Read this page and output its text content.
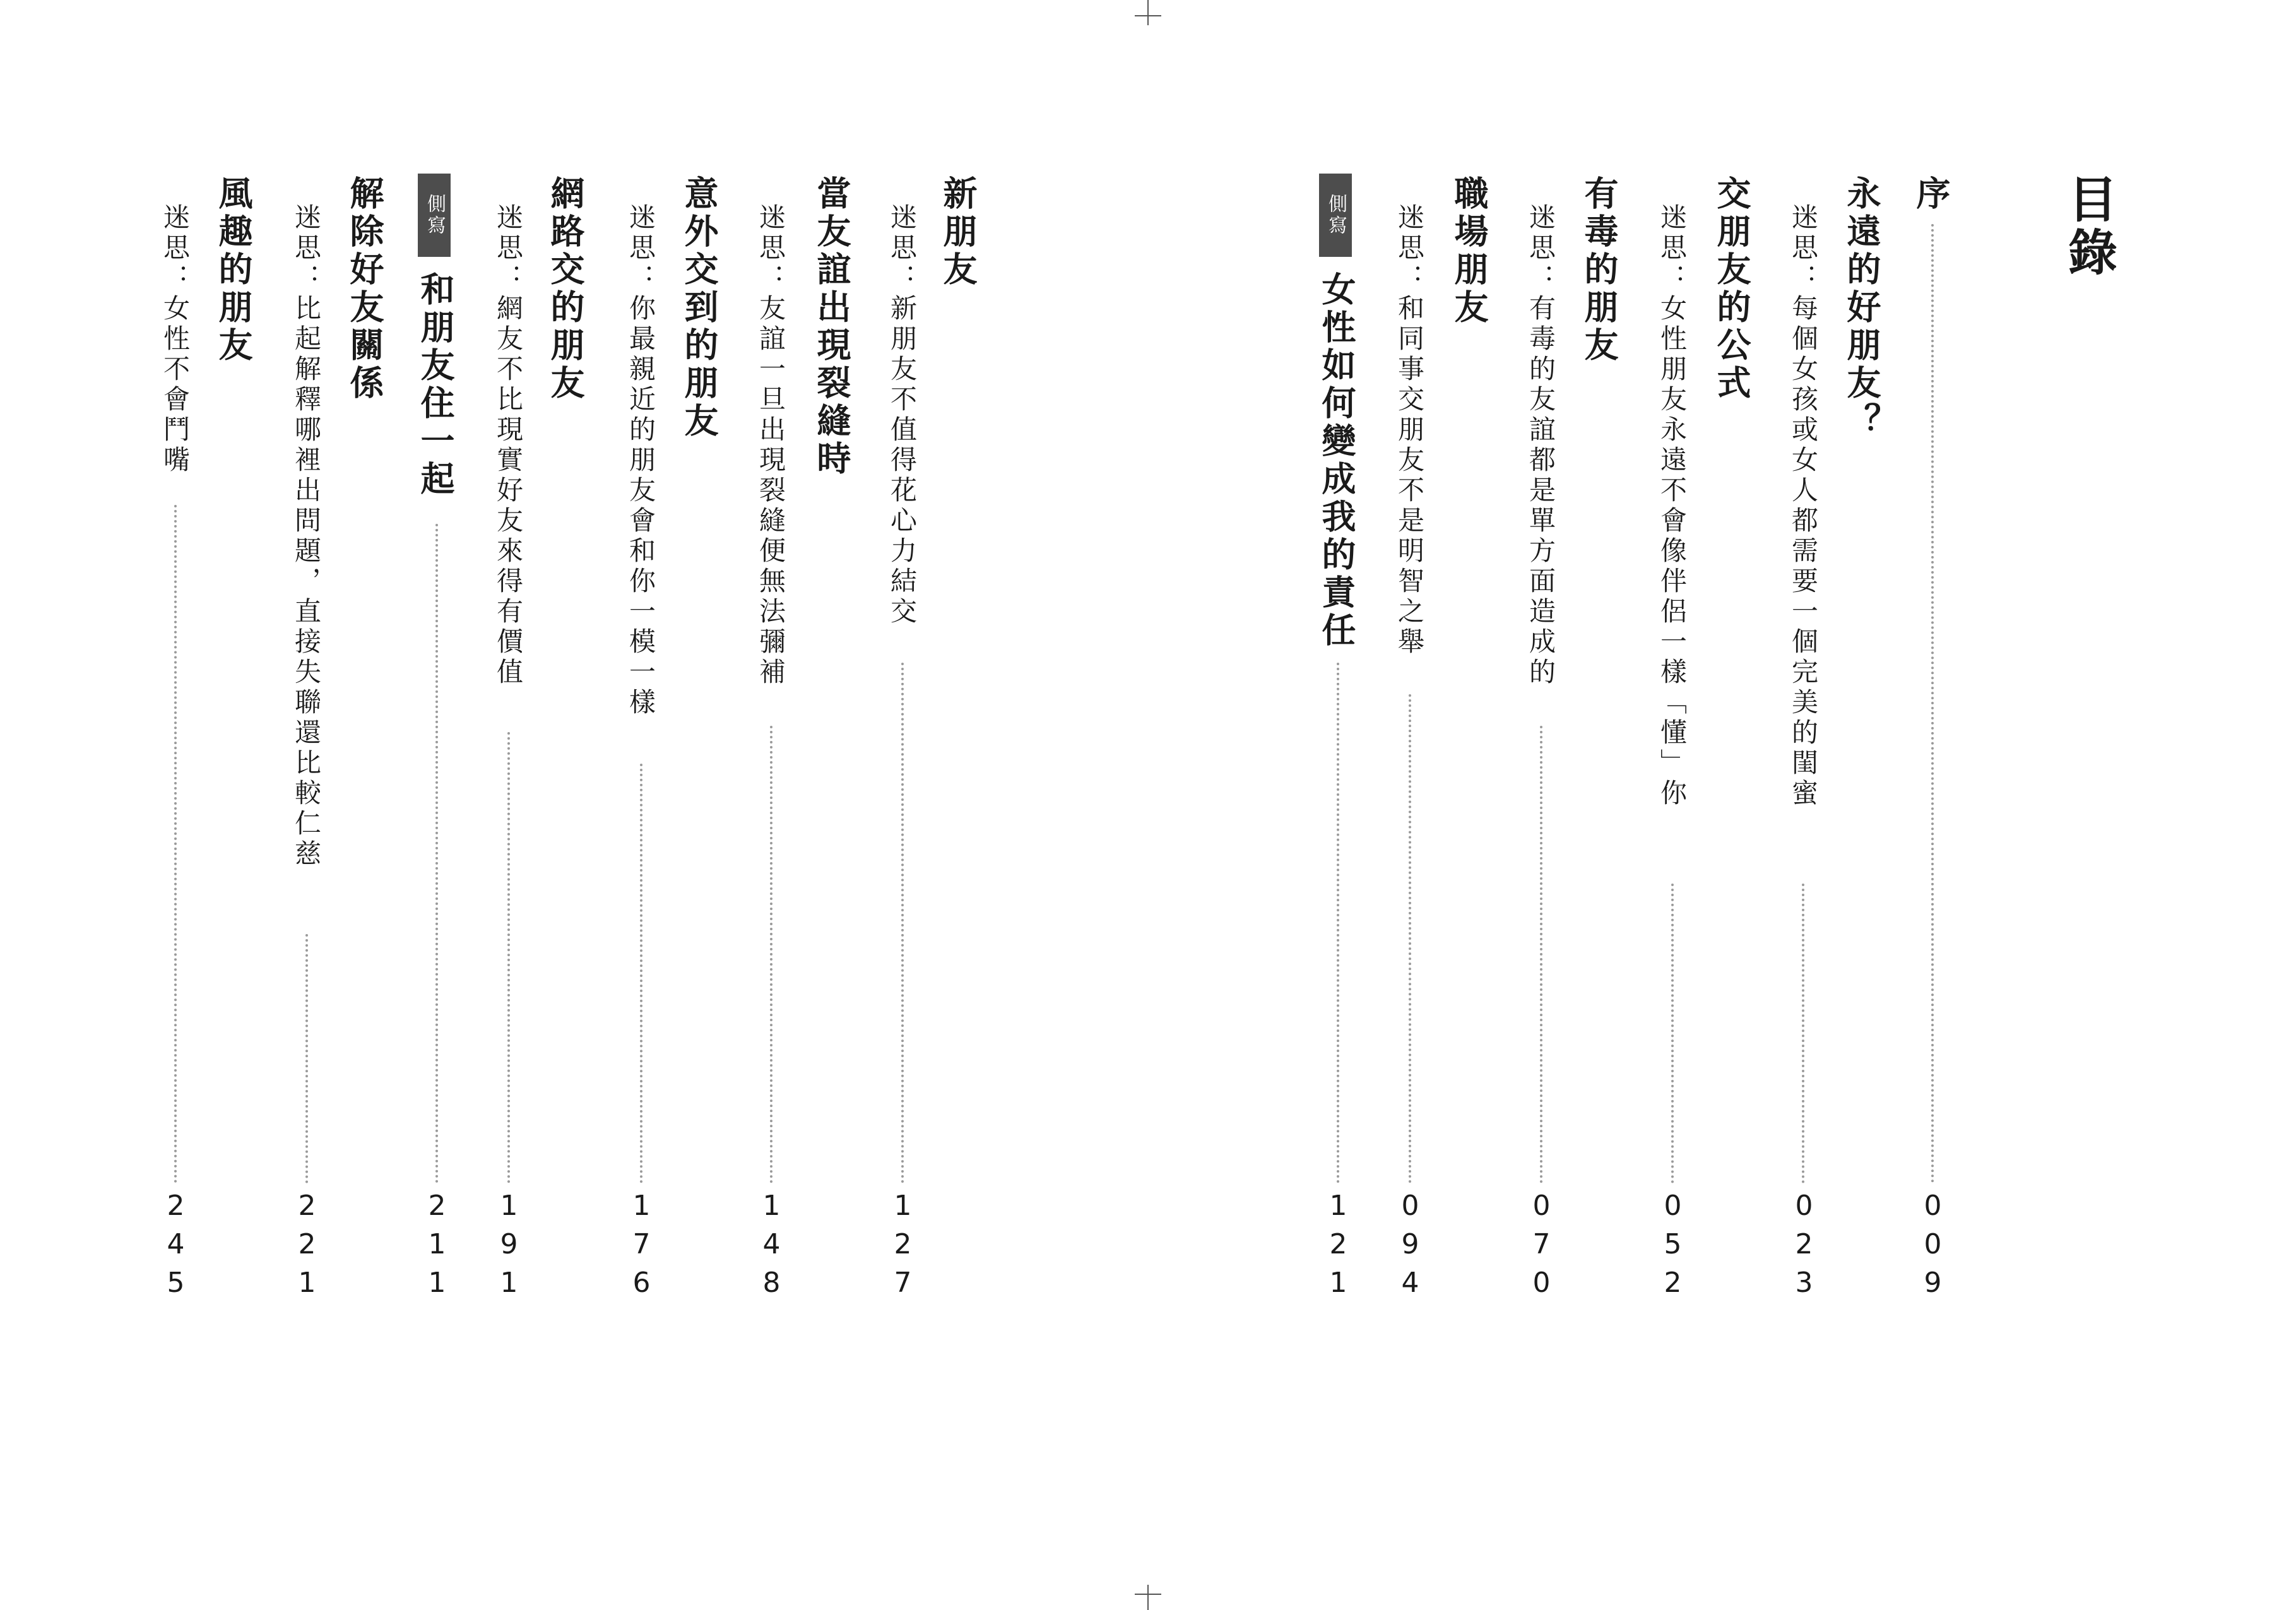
目錄
序
009
永遠的好朋友？
迷思：每個女孩或女人都需要一個完美的閨蜜
023
交朋友的公式
迷思：女性朋友永遠不會像伴侶一樣「懂」你
052
有毒的朋友
迷思：有毒的友誼都是單方面造成的
070
職場朋友
迷思：和同事交朋友不是明智之舉
094
側寫
女性如何變成我的責任
121
新朋友
迷思：新朋友不值得花心力結交
127
當友誼出現裂縫時
迷思：友誼一旦出現裂縫便無法彌補
148
意外交到的朋友
迷思：你最親近的朋友會和你一模一樣
176
網路交的朋友
迷思：網友不比現實好友來得有價值
191
側寫
和朋友住一起
211
解除好友關係
迷思：比起解釋哪裡出問題，直接失聯還比較仁慈
221
風趣的朋友
迷思：女性不會鬥嘴
245
